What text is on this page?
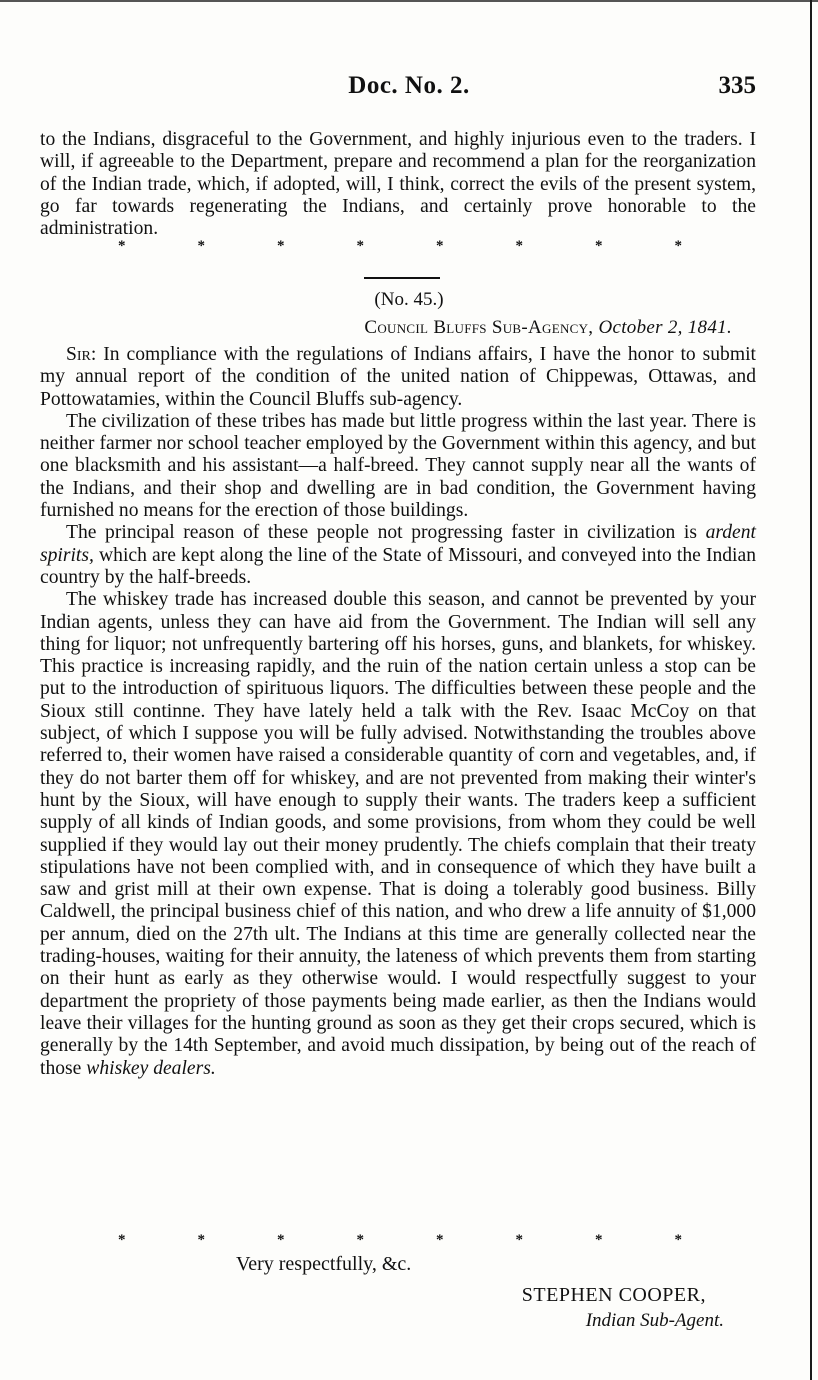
Doc. No. 2.	335

to the Indians, disgraceful to the Government, and highly injurious even to the traders. I will, if agreeable to the Department, prepare and recommend a plan for the reorganization of the Indian trade, which, if adopted, will, I think, correct the evils of the present system, go far towards regenerating the Indians, and certainly prove honorable to the administration.

*	*	*	*	*	*	*	*
(No. 45.)
Council Bluffs Sub-Agency, October 2, 1841.

Sir: In compliance with the regulations of Indians affairs, I have the honor to submit my annual report of the condition of the united nation of Chippewas, Ottawas, and Pottowatamies, within the Council Bluffs sub-agency.

The civilization of these tribes has made but little progress within the last year. There is neither farmer nor school teacher employed by the Government within this agency, and but one blacksmith and his assistant—a half-breed. They cannot supply near all the wants of the Indians, and their shop and dwelling are in bad condition, the Government having furnished no means for the erection of those buildings.

The principal reason of these people not progressing faster in civilization is ardent spirits, which are kept along the line of the State of Missouri, and conveyed into the Indian country by the half-breeds.

The whiskey trade has increased double this season, and cannot be prevented by your Indian agents, unless they can have aid from the Government. The Indian will sell any thing for liquor; not unfrequently bartering off his horses, guns, and blankets, for whiskey. This practice is increasing rapidly, and the ruin of the nation certain unless a stop can be put to the introduction of spirituous liquors. The difficulties between these people and the Sioux still continne. They have lately held a talk with the Rev. Isaac McCoy on that subject, of which I suppose you will be fully advised. Notwithstanding the troubles above referred to, their women have raised a considerable quantity of corn and vegetables, and, if they do not barter them off for whiskey, and are not prevented from making their winter's hunt by the Sioux, will have enough to supply their wants. The traders keep a sufficient supply of all kinds of Indian goods, and some provisions, from whom they could be well supplied if they would lay out their money prudently. The chiefs complain that their treaty stipulations have not been complied with, and in consequence of which they have built a saw and grist mill at their own expense. That is doing a tolerably good business. Billy Caldwell, the principal business chief of this nation, and who drew a life annuity of $1,000 per annum, died on the 27th ult. The Indians at this time are generally collected near the trading-houses, waiting for their annuity, the lateness of which prevents them from starting on their hunt as early as they otherwise would. I would respectfully suggest to your department the propriety of those payments being made earlier, as then the Indians would leave their villages for the hunting ground as soon as they get their crops secured, which is generally by the 14th September, and avoid much dissipation, by being out of the reach of those whiskey dealers.

*	*	*	*	*	*	*	*
Very respectfully, &c.
STEPHEN COOPER,
Indian Sub-Agent.
